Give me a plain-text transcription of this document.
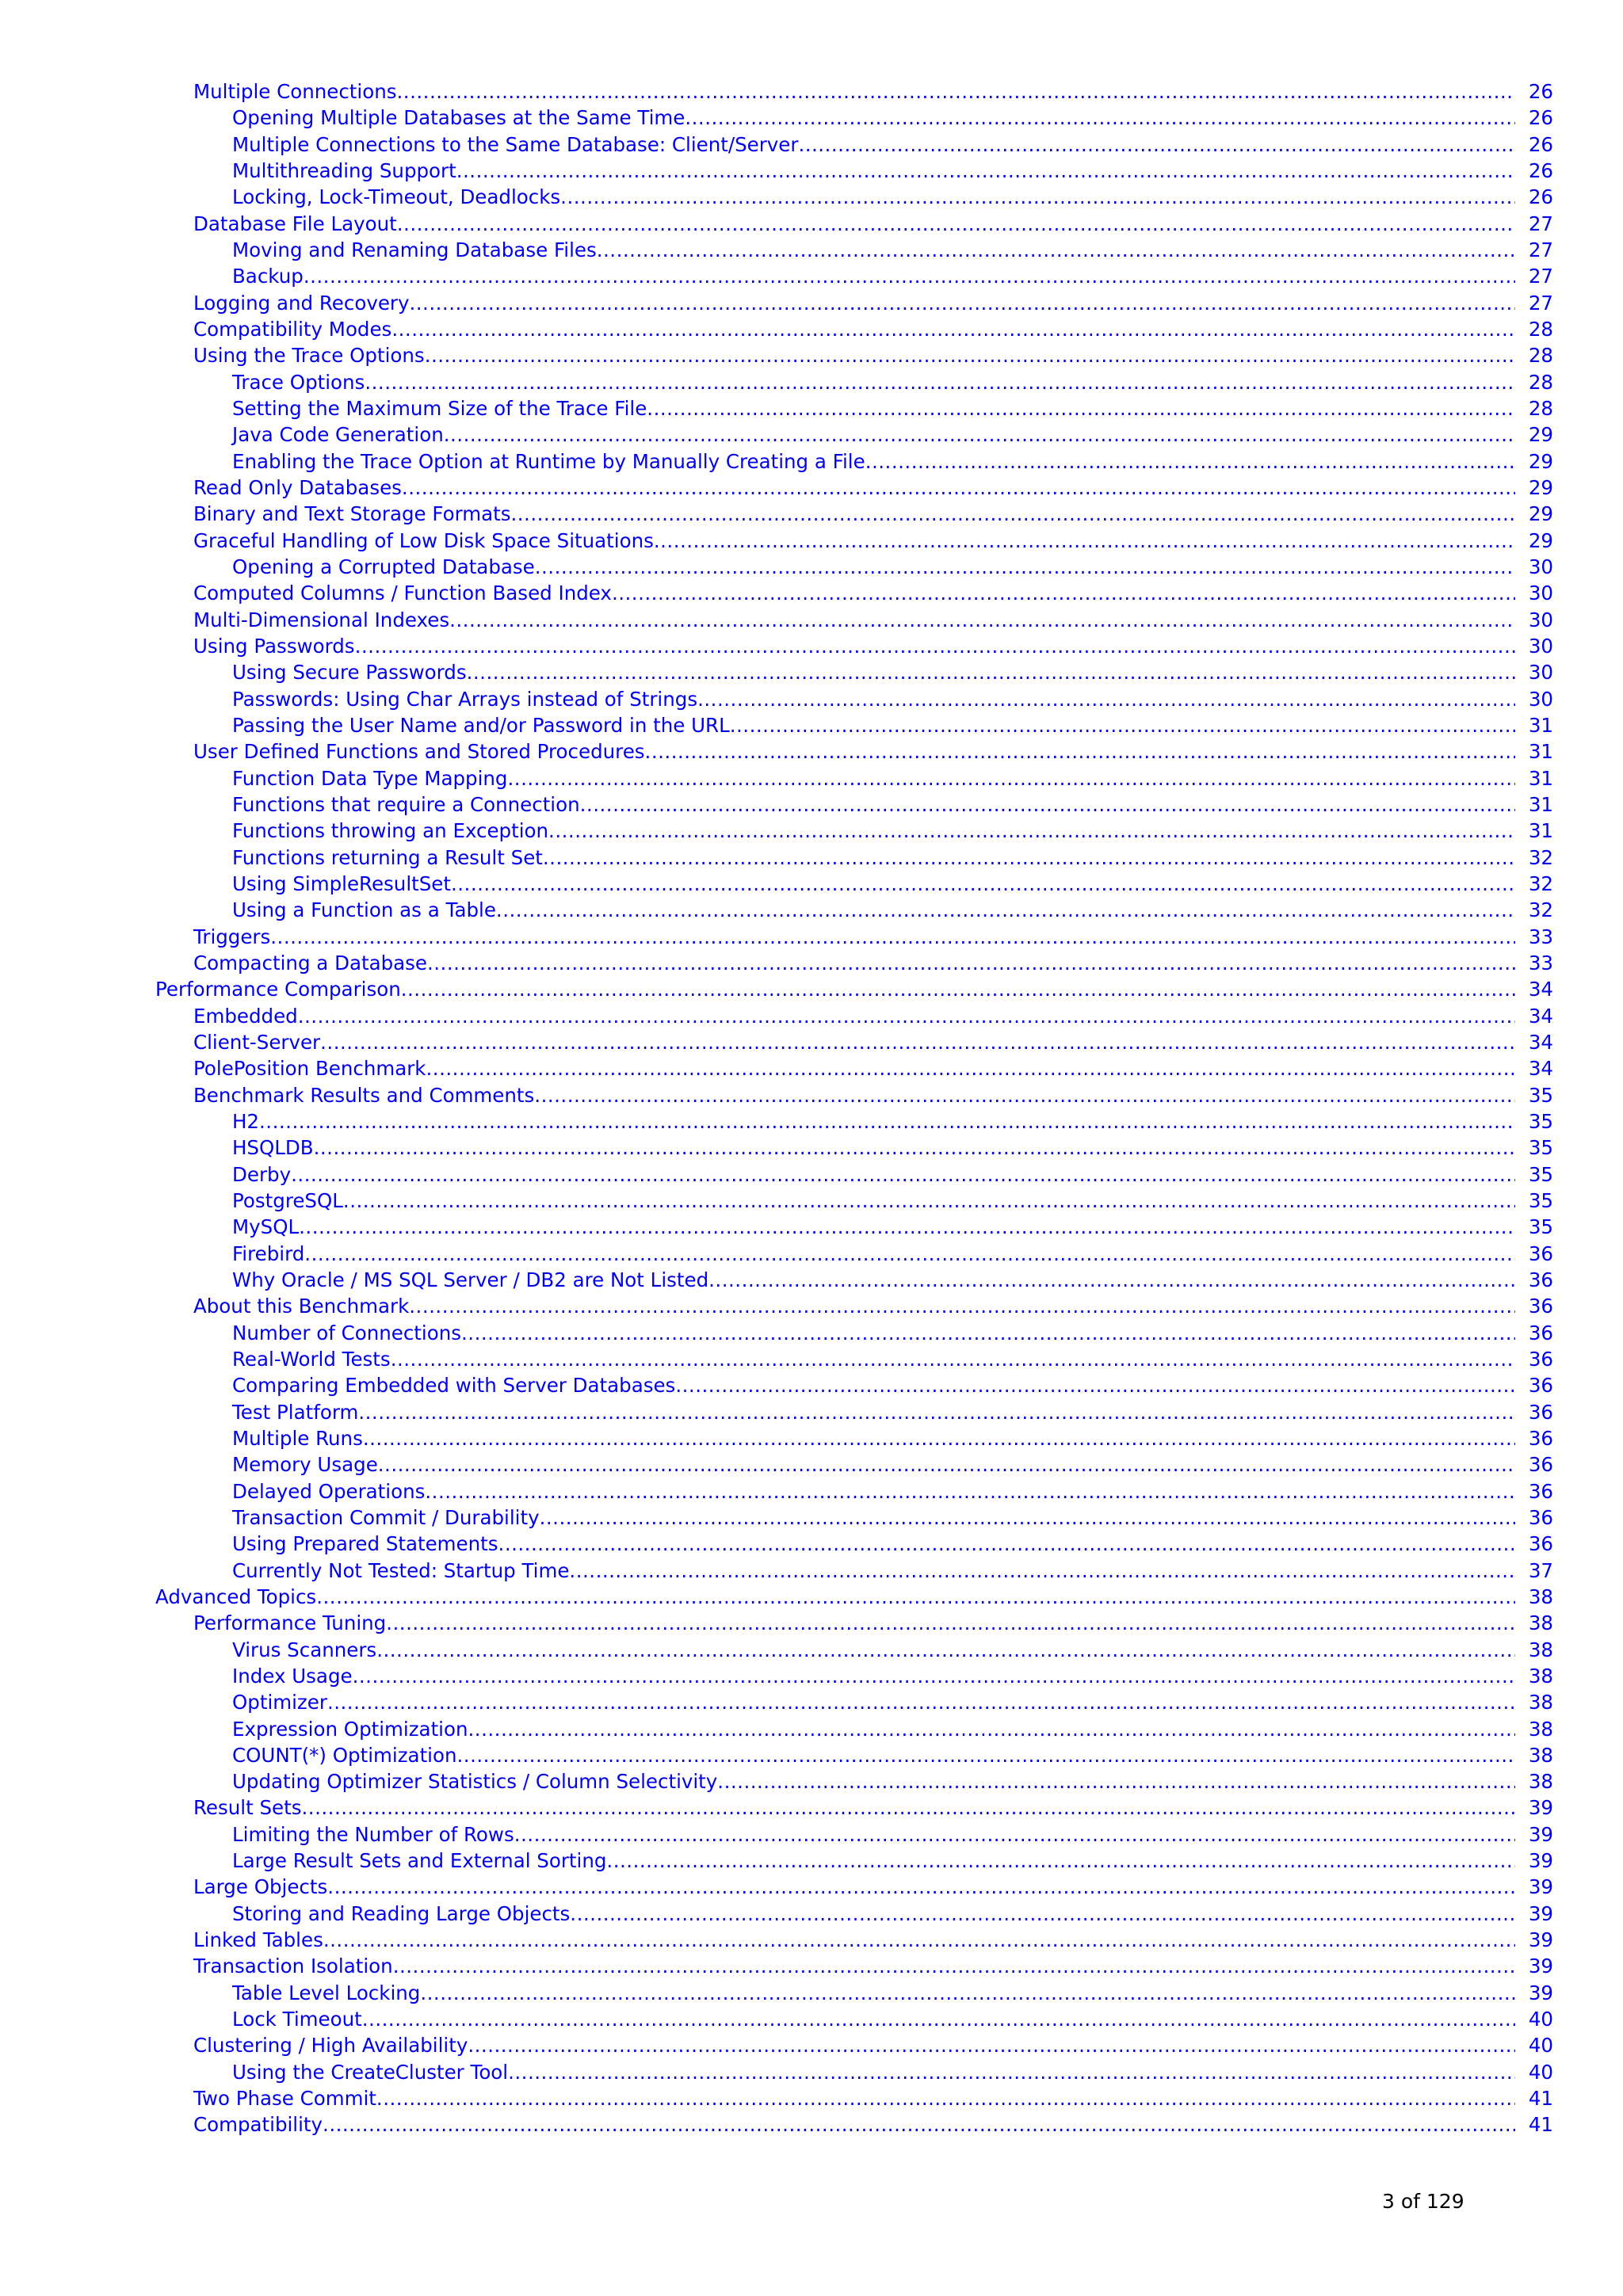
Multiple Connections .....	26
Opening Multiple Databases at the Same Time .....	26
Multiple Connections to the Same Database: Client/Server .....	26
Multithreading Support .....	26
Locking, Lock-Timeout, Deadlocks .....	26
Database File Layout .....	27
Moving and Renaming Database Files .....	27
Backup .....	27
Logging and Recovery .....	27
Compatibility Modes .....	28
Using the Trace Options .....	28
Trace Options .....	28
Setting the Maximum Size of the Trace File .....	28
Java Code Generation .....	29
Enabling the Trace Option at Runtime by Manually Creating a File .....	29
Read Only Databases .....	29
Binary and Text Storage Formats .....	29
Graceful Handling of Low Disk Space Situations .....	29
Opening a Corrupted Database .....	30
Computed Columns / Function Based Index .....	30
Multi-Dimensional Indexes .....	30
Using Passwords .....	30
Using Secure Passwords .....	30
Passwords: Using Char Arrays instead of Strings .....	30
Passing the User Name and/or Password in the URL .....	31
User Defined Functions and Stored Procedures .....	31
Function Data Type Mapping .....	31
Functions that require a Connection .....	31
Functions throwing an Exception .....	31
Functions returning a Result Set .....	32
Using SimpleResultSet .....	32
Using a Function as a Table .....	32
Triggers .....	33
Compacting a Database .....	33
Performance Comparison .....	34
Embedded .....	34
Client-Server .....	34
PolePosition Benchmark .....	34
Benchmark Results and Comments .....	35
H2 .....	35
HSQLDB .....	35
Derby .....	35
PostgreSQL .....	35
MySQL .....	35
Firebird .....	36
Why Oracle / MS SQL Server / DB2 are Not Listed .....	36
About this Benchmark .....	36
Number of Connections .....	36
Real-World Tests .....	36
Comparing Embedded with Server Databases .....	36
Test Platform .....	36
Multiple Runs .....	36
Memory Usage .....	36
Delayed Operations .....	36
Transaction Commit / Durability .....	36
Using Prepared Statements .....	36
Currently Not Tested: Startup Time .....	37
Advanced Topics .....	38
Performance Tuning .....	38
Virus Scanners .....	38
Index Usage .....	38
Optimizer .....	38
Expression Optimization .....	38
COUNT(*) Optimization .....	38
Updating Optimizer Statistics / Column Selectivity .....	38
Result Sets .....	39
Limiting the Number of Rows .....	39
Large Result Sets and External Sorting .....	39
Large Objects .....	39
Storing and Reading Large Objects .....	39
Linked Tables .....	39
Transaction Isolation .....	39
Table Level Locking .....	39
Lock Timeout .....	40
Clustering / High Availability .....	40
Using the CreateCluster Tool .....	40
Two Phase Commit .....	41
Compatibility .....	41
3 of 129
